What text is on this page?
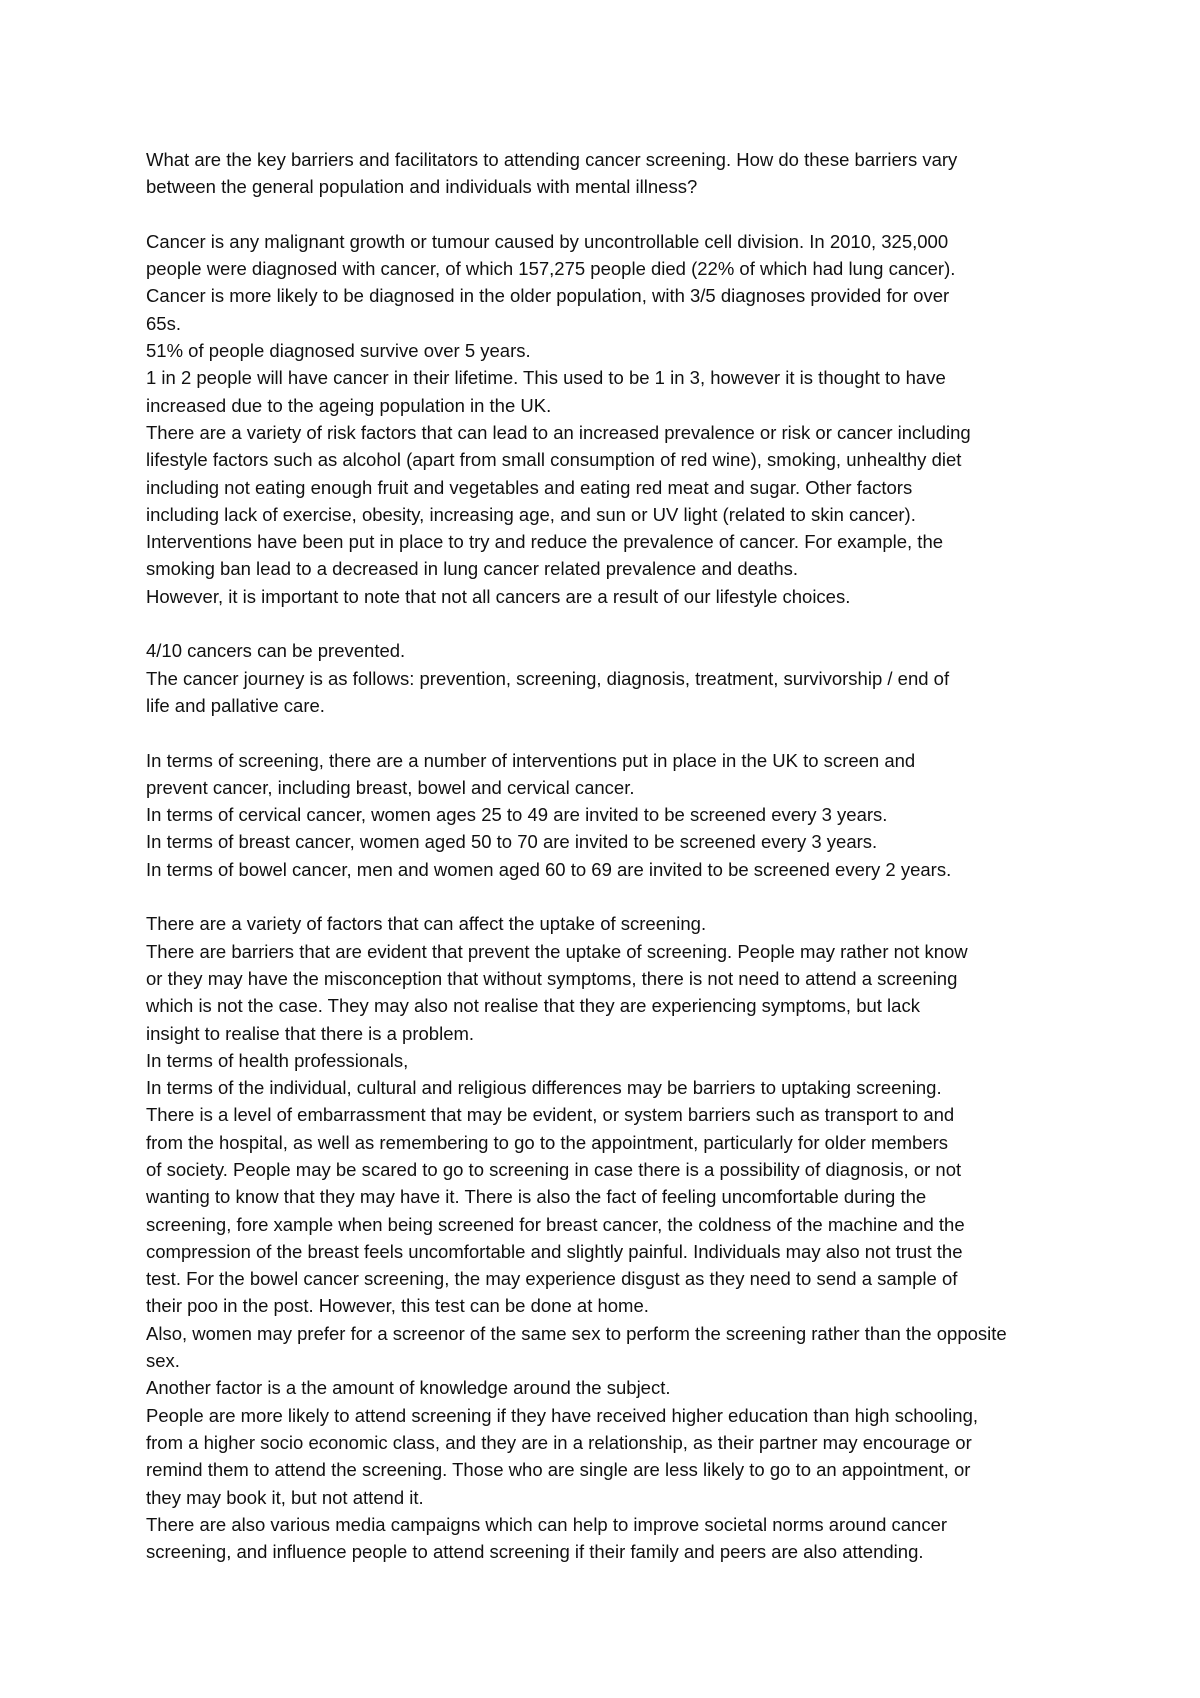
What are the key barriers and facilitators to attending cancer screening. How do these barriers vary

between the general population and individuals with mental illness?

Cancer is any malignant growth or tumour caused by uncontrollable cell division. In 2010, 325,000

people were diagnosed with cancer, of which 157,275 people died (22% of which had lung cancer).

Cancer is more likely to be diagnosed in the older population, with 3/5 diagnoses provided for over

65s.

51% of people diagnosed survive over 5 years.

1 in 2 people will have cancer in their lifetime. This used to be 1 in 3, however it is thought to have

increased due to the ageing population in the UK.

There are a variety of risk factors that can lead to an increased prevalence or risk or cancer including

lifestyle factors such as alcohol (apart from small consumption of red wine), smoking, unhealthy diet

including not eating enough fruit and vegetables and eating red meat and sugar. Other factors

including lack of exercise, obesity, increasing age, and sun or UV light (related to skin cancer).

Interventions have been put in place to try and reduce the prevalence of cancer. For example, the

smoking ban lead to a decreased in lung cancer related prevalence and deaths.

However, it is important to note that not all cancers are a result of our lifestyle choices.

4/10 cancers can be prevented.

The cancer journey is as follows: prevention, screening, diagnosis, treatment, survivorship / end of

life and pallative care.

In terms of screening, there are a number of interventions put in place in the UK to screen and

prevent cancer, including breast, bowel and cervical cancer.

In terms of cervical cancer, women ages 25 to 49 are invited to be screened every 3 years.

In terms of breast cancer, women aged 50 to 70 are invited to be screened every 3 years.

In terms of bowel cancer, men and women aged 60 to 69 are invited to be screened every 2 years.

There are a variety of factors that can affect the uptake of screening.

There are barriers that are evident that prevent the uptake of screening. People may rather not know

or they may have the misconception that without symptoms, there is not need to attend a screening

which is not the case. They may also not realise that they are experiencing symptoms, but lack

insight to realise that there is a problem.

In terms of health professionals,

In terms of the individual, cultural and religious differences may be barriers to uptaking screening.

There is a level of embarrassment that may be evident, or system barriers such as transport to and

from the hospital, as well as remembering to go to the appointment, particularly for older members

of society. People may be scared to go to screening in case there is a possibility of diagnosis, or not

wanting to know that they may have it. There is also the fact of feeling uncomfortable during the

screening, fore xample when being screened for breast cancer, the coldness of the machine and the

compression of the breast feels uncomfortable and slightly painful. Individuals may also not trust the

test. For the bowel cancer screening, the may experience disgust as they need to send a sample of

their poo in the post. However, this test can be done at home.

Also, women may prefer for a screenor of the same sex to perform the screening rather than the opposite

sex.

Another factor is a the amount of knowledge around the subject.

People are more likely to attend screening if they have received higher education than high schooling,

from a higher socio economic class, and they are in a relationship, as their partner may encourage or

remind them to attend the screening. Those who are single are less likely to go to an appointment, or

they may book it, but not attend it.

There are also various media campaigns which can help to improve societal norms around cancer

screening, and influence people to attend screening if their family and peers are also attending.
